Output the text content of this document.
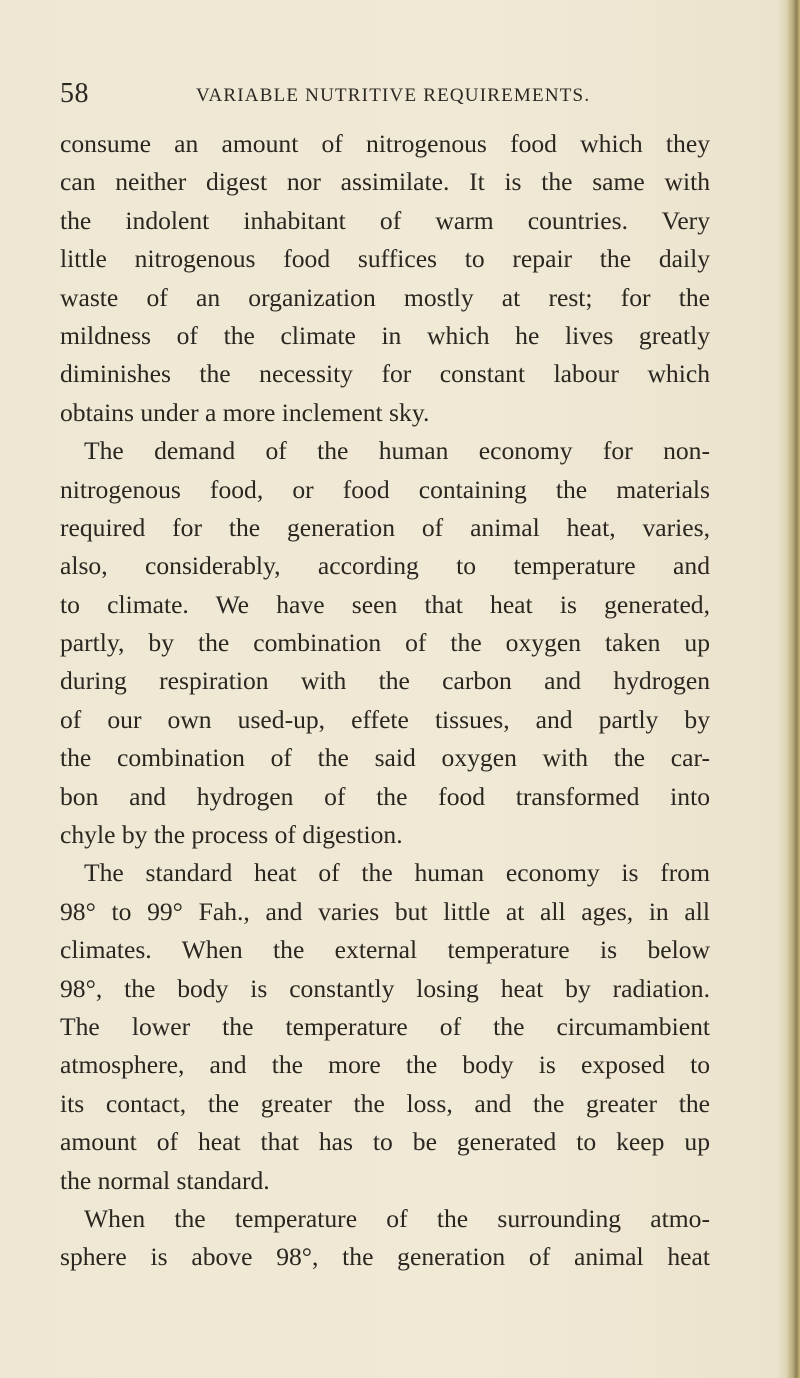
58	VARIABLE NUTRITIVE REQUIREMENTS.
consume an amount of nitrogenous food which they
can neither digest nor assimilate. It is the same with
the indolent inhabitant of warm countries. Very
little nitrogenous food suffices to repair the daily
waste of an organization mostly at rest; for the
mildness of the climate in which he lives greatly
diminishes the necessity for constant labour which
obtains under a more inclement sky.
The demand of the human economy for non-
nitrogenous food, or food containing the materials
required for the generation of animal heat, varies,
also, considerably, according to temperature and
to climate. We have seen that heat is generated,
partly, by the combination of the oxygen taken up
during respiration with the carbon and hydrogen
of our own used-up, effete tissues, and partly by
the combination of the said oxygen with the car-
bon and hydrogen of the food transformed into
chyle by the process of digestion.
The standard heat of the human economy is from
98° to 99° Fah., and varies but little at all ages, in all
climates. When the external temperature is below
98°, the body is constantly losing heat by radiation.
The lower the temperature of the circumambient
atmosphere, and the more the body is exposed to
its contact, the greater the loss, and the greater the
amount of heat that has to be generated to keep up
the normal standard.
When the temperature of the surrounding atmo-
sphere is above 98°, the generation of animal heat
